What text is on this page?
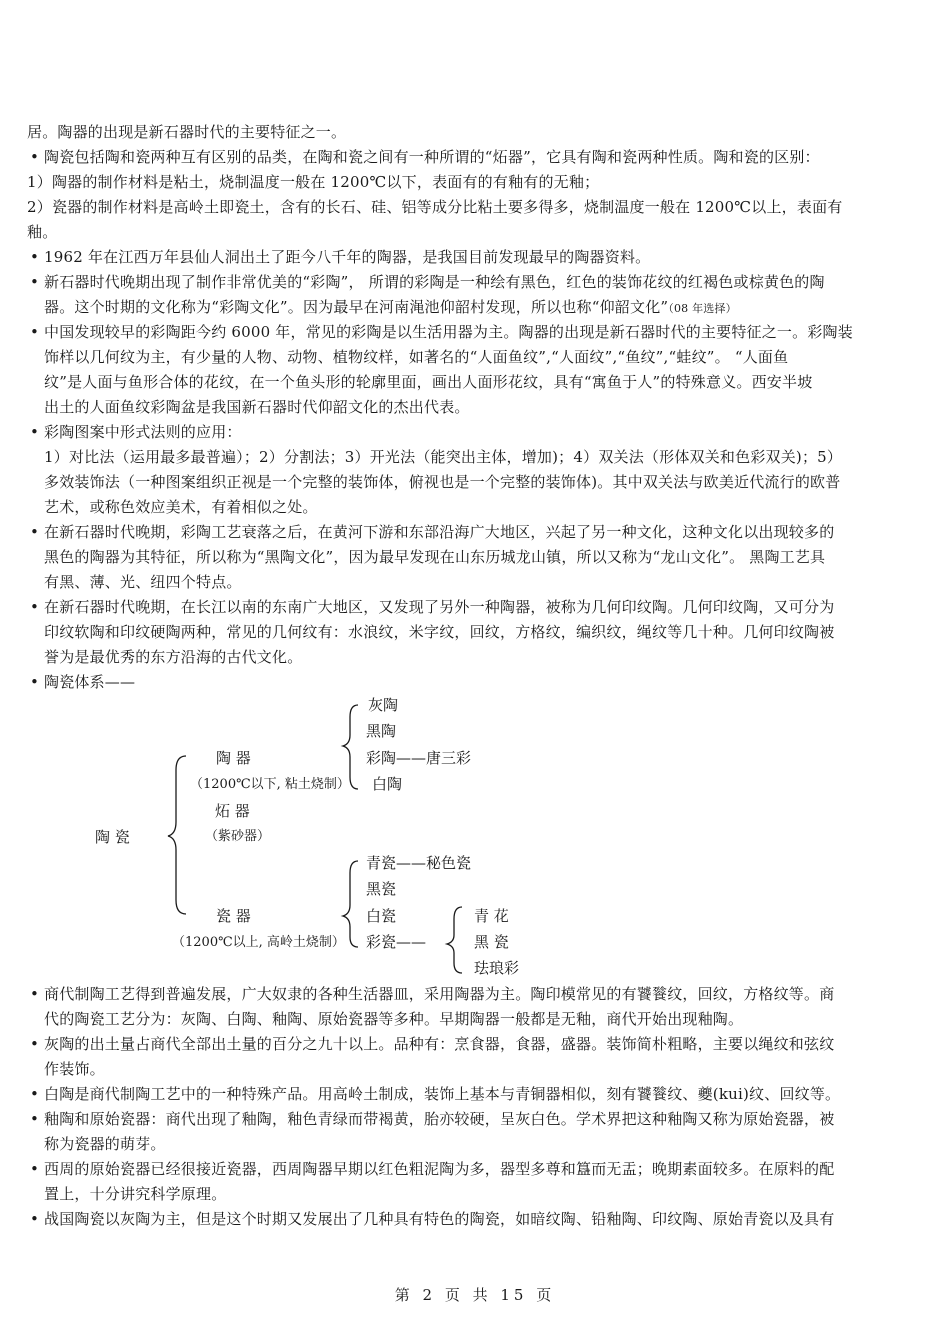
居。陶器的出现是新石器时代的主要特征之一。
• 陶瓷包括陶和瓷两种互有区别的品类，在陶和瓷之间有一种所谓的“炻器”，它具有陶和瓷两种性质。陶和瓷的区别：
1）陶器的制作材料是粘土，烧制温度一般在 1200℃以下，表面有的有釉有的无釉；
2）瓷器的制作材料是高岭土即瓷土，含有的长石、硅、铝等成分比粘土要多得多，烧制温度一般在 1200℃以上，表面有
釉。
• 1962 年在江西万年县仙人洞出土了距今八千年的陶器，是我国目前发现最早的陶器资料。
• 新石器时代晚期出现了制作非常优美的“彩陶”， 所谓的彩陶是一种绘有黑色，红色的装饰花纹的红褐色或棕黄色的陶
器。这个时期的文化称为“彩陶文化”。因为最早在河南渑池仰韶村发现，所以也称“仰韶文化”（08 年选择）
• 中国发现较早的彩陶距今约 6000 年，常见的彩陶是以生活用器为主。陶器的出现是新石器时代的主要特征之一。彩陶装
饰样以几何纹为主，有少量的人物、动物、植物纹样，如著名的“人面鱼纹”,“人面纹”,“鱼纹”,“蛙纹”。 “人面鱼
纹”是人面与鱼形合体的花纹，在一个鱼头形的轮廓里面，画出人面形花纹，具有“寓鱼于人”的特殊意义。西安半坡
出土的人面鱼纹彩陶盆是我国新石器时代仰韶文化的杰出代表。
• 彩陶图案中形式法则的应用：
1）对比法（运用最多最普遍）；2）分割法；3）开光法（能突出主体，增加)；4）双关法（形体双关和色彩双关)；5）
多效装饰法（一种图案组织正视是一个完整的装饰体，俯视也是一个完整的装饰体)。其中双关法与欧美近代流行的欧普
艺术，或称色效应美术，有着相似之处。
• 在新石器时代晚期，彩陶工艺衰落之后，在黄河下游和东部沿海广大地区，兴起了另一种文化，这种文化以出现较多的
黑色的陶器为其特征，所以称为“黑陶文化”，因为最早发现在山东历城龙山镇，所以又称为“龙山文化”。 黑陶工艺具
有黑、薄、光、纽四个特点。
• 在新石器时代晚期，在长江以南的东南广大地区，又发现了另外一种陶器，被称为几何印纹陶。几何印纹陶，又可分为
印纹软陶和印纹硬陶两种，常见的几何纹有：水浪纹，米字纹，回纹，方格纹，编织纹，绳纹等几十种。几何印纹陶被
誉为是最优秀的东方沿海的古代文化。
• 陶瓷体系——
陶 瓷
陶 器
（1200℃以下, 粘土烧制）
炻 器
（紫砂器）
瓷 器
（1200℃以上, 高岭土烧制）
灰陶
黑陶
彩陶——唐三彩
白陶
青瓷——秘色瓷
黑瓷
白瓷
彩瓷——
青 花
黑 瓷
珐琅彩
• 商代制陶工艺得到普遍发展，广大奴隶的各种生活器皿，采用陶器为主。陶印模常见的有饕餮纹，回纹，方格纹等。商
代的陶瓷工艺分为：灰陶、白陶、釉陶、原始瓷器等多种。早期陶器一般都是无釉，商代开始出现釉陶。
• 灰陶的出土量占商代全部出土量的百分之九十以上。品种有：烹食器，食器，盛器。装饰简朴粗略，主要以绳纹和弦纹
作装饰。
• 白陶是商代制陶工艺中的一种特殊产品。用高岭土制成，装饰上基本与青铜器相似，刻有饕餮纹、夔(kui)纹、回纹等。
• 釉陶和原始瓷器：商代出现了釉陶，釉色青绿而带褐黄，胎亦较硬，呈灰白色。学术界把这种釉陶又称为原始瓷器，被
称为瓷器的萌芽。
• 西周的原始瓷器已经很接近瓷器，西周陶器早期以红色粗泥陶为多，器型多尊和簋而无盂；晚期素面较多。在原料的配
置上，十分讲究科学原理。
• 战国陶瓷以灰陶为主，但是这个时期又发展出了几种具有特色的陶瓷，如暗纹陶、铅釉陶、印纹陶、原始青瓷以及具有
第 2 页 共 15 页
